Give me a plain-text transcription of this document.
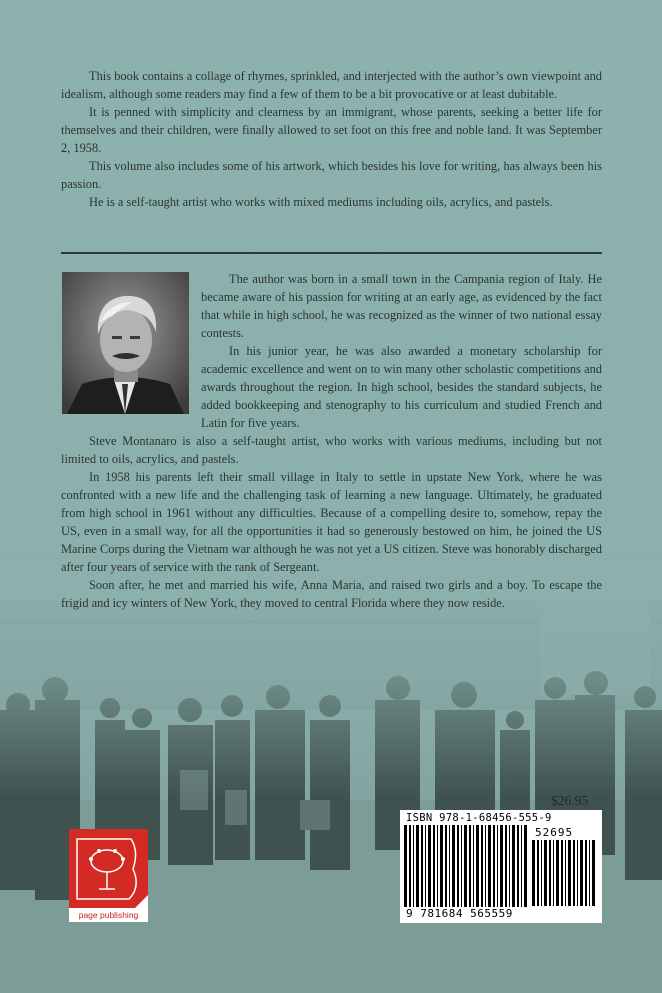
This book contains a collage of rhymes, sprinkled, and interjected with the author’s own viewpoint and idealism, although some readers may find a few of them to be a bit provocative or at least dubitable.

It is penned with simplicity and clearness by an immigrant, whose parents, seeking a better life for themselves and their children, were finally allowed to set foot on this free and noble land. It was September 2, 1958.

This volume also includes some of his artwork, which besides his love for writing, has always been his passion.

He is a self-taught artist who works with mixed mediums including oils, acrylics, and pastels.

The author was born in a small town in the Campania region of Italy. He became aware of his passion for writing at an early age, as evidenced by the fact that while in high school, he was recognized as the winner of two national essay contests.

In his junior year, he was also awarded a monetary scholarship for academic excellence and went on to win many other scholastic competitions and awards throughout the region. In high school, besides the standard subjects, he added bookkeeping and stenography to his curriculum and studied French and Latin for five years.

Steve Montanaro is also a self-taught artist, who works with various mediums, including but not limited to oils, acrylics, and pastels.

In 1958 his parents left their small village in Italy to settle in upstate New York, where he was confronted with a new life and the challenging task of learning a new language. Ultimately, he graduated from high school in 1961 without any difficulties. Because of a compelling desire to, somehow, repay the US, even in a small way, for all the opportunities it had so generously bestowed on him, he joined the US Marine Corps during the Vietnam war although he was not yet a US citizen. Steve was honorably discharged after four years of service with the rank of Sergeant.

Soon after, he met and married his wife, Anna Maria, and raised two girls and a boy. To escape the frigid and icy winters of New York, they moved to central Florida where they now reside.

$26.95
ISBN 978-1-68456-555-9
52695
9 781684 565559
page publishing
